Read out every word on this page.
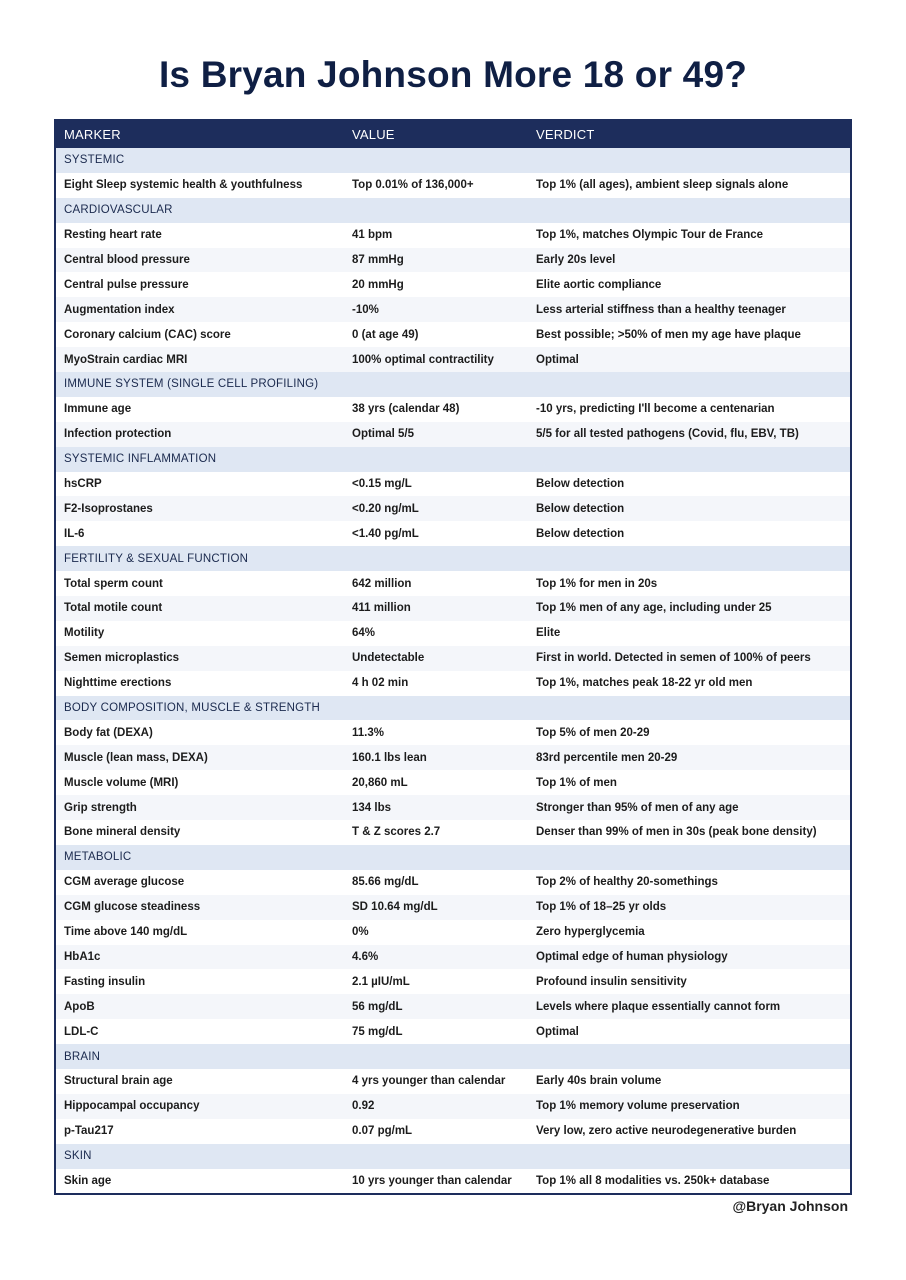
Is Bryan Johnson More 18 or 49?
MARKER	VALUE	VERDICT
SYSTEMIC		
Eight Sleep systemic health & youthfulness	Top 0.01% of 136,000+	Top 1% (all ages), ambient sleep signals alone
CARDIOVASCULAR		
Resting heart rate	41 bpm	Top 1%, matches Olympic Tour de France
Central blood pressure	87 mmHg	Early 20s level
Central pulse pressure	20 mmHg	Elite aortic compliance
Augmentation index	-10%	Less arterial stiffness than a healthy teenager
Coronary calcium (CAC) score	0 (at age 49)	Best possible; >50% of men my age have plaque
MyoStrain cardiac MRI	100% optimal contractility	Optimal
IMMUNE SYSTEM (SINGLE CELL PROFILING)		
Immune age	38 yrs (calendar 48)	-10 yrs, predicting I'll become a centenarian
Infection protection	Optimal 5/5	5/5 for all tested pathogens (Covid, flu, EBV, TB)
SYSTEMIC INFLAMMATION		
hsCRP	<0.15 mg/L	Below detection
F2-Isoprostanes	<0.20 ng/mL	Below detection
IL-6	<1.40 pg/mL	Below detection
FERTILITY & SEXUAL FUNCTION		
Total sperm count	642 million	Top 1% for men in 20s
Total motile count	411 million	Top 1% men of any age, including under 25
Motility	64%	Elite
Semen microplastics	Undetectable	First in world. Detected in semen of 100% of peers
Nighttime erections	4 h 02 min	Top 1%, matches peak 18-22 yr old men
BODY COMPOSITION, MUSCLE & STRENGTH		
Body fat (DEXA)	11.3%	Top 5% of men 20-29
Muscle (lean mass, DEXA)	160.1 lbs lean	83rd percentile men 20-29
Muscle volume (MRI)	20,860 mL	Top 1% of men
Grip strength	134 lbs	Stronger than 95% of men of any age
Bone mineral density	T & Z scores 2.7	Denser than 99% of men in 30s (peak bone density)
METABOLIC		
CGM average glucose	85.66 mg/dL	Top 2% of healthy 20-somethings
CGM glucose steadiness	SD 10.64 mg/dL	Top 1% of 18–25 yr olds
Time above 140 mg/dL	0%	Zero hyperglycemia
HbA1c	4.6%	Optimal edge of human physiology
Fasting insulin	2.1 µIU/mL	Profound insulin sensitivity
ApoB	56 mg/dL	Levels where plaque essentially cannot form
LDL-C	75 mg/dL	Optimal
BRAIN		
Structural brain age	4 yrs younger than calendar	Early 40s brain volume
Hippocampal occupancy	0.92	Top 1% memory volume preservation
p-Tau217	0.07 pg/mL	Very low, zero active neurodegenerative burden
SKIN		
Skin age	10 yrs younger than calendar	Top 1% all 8 modalities vs. 250k+ database
@Bryan Johnson
